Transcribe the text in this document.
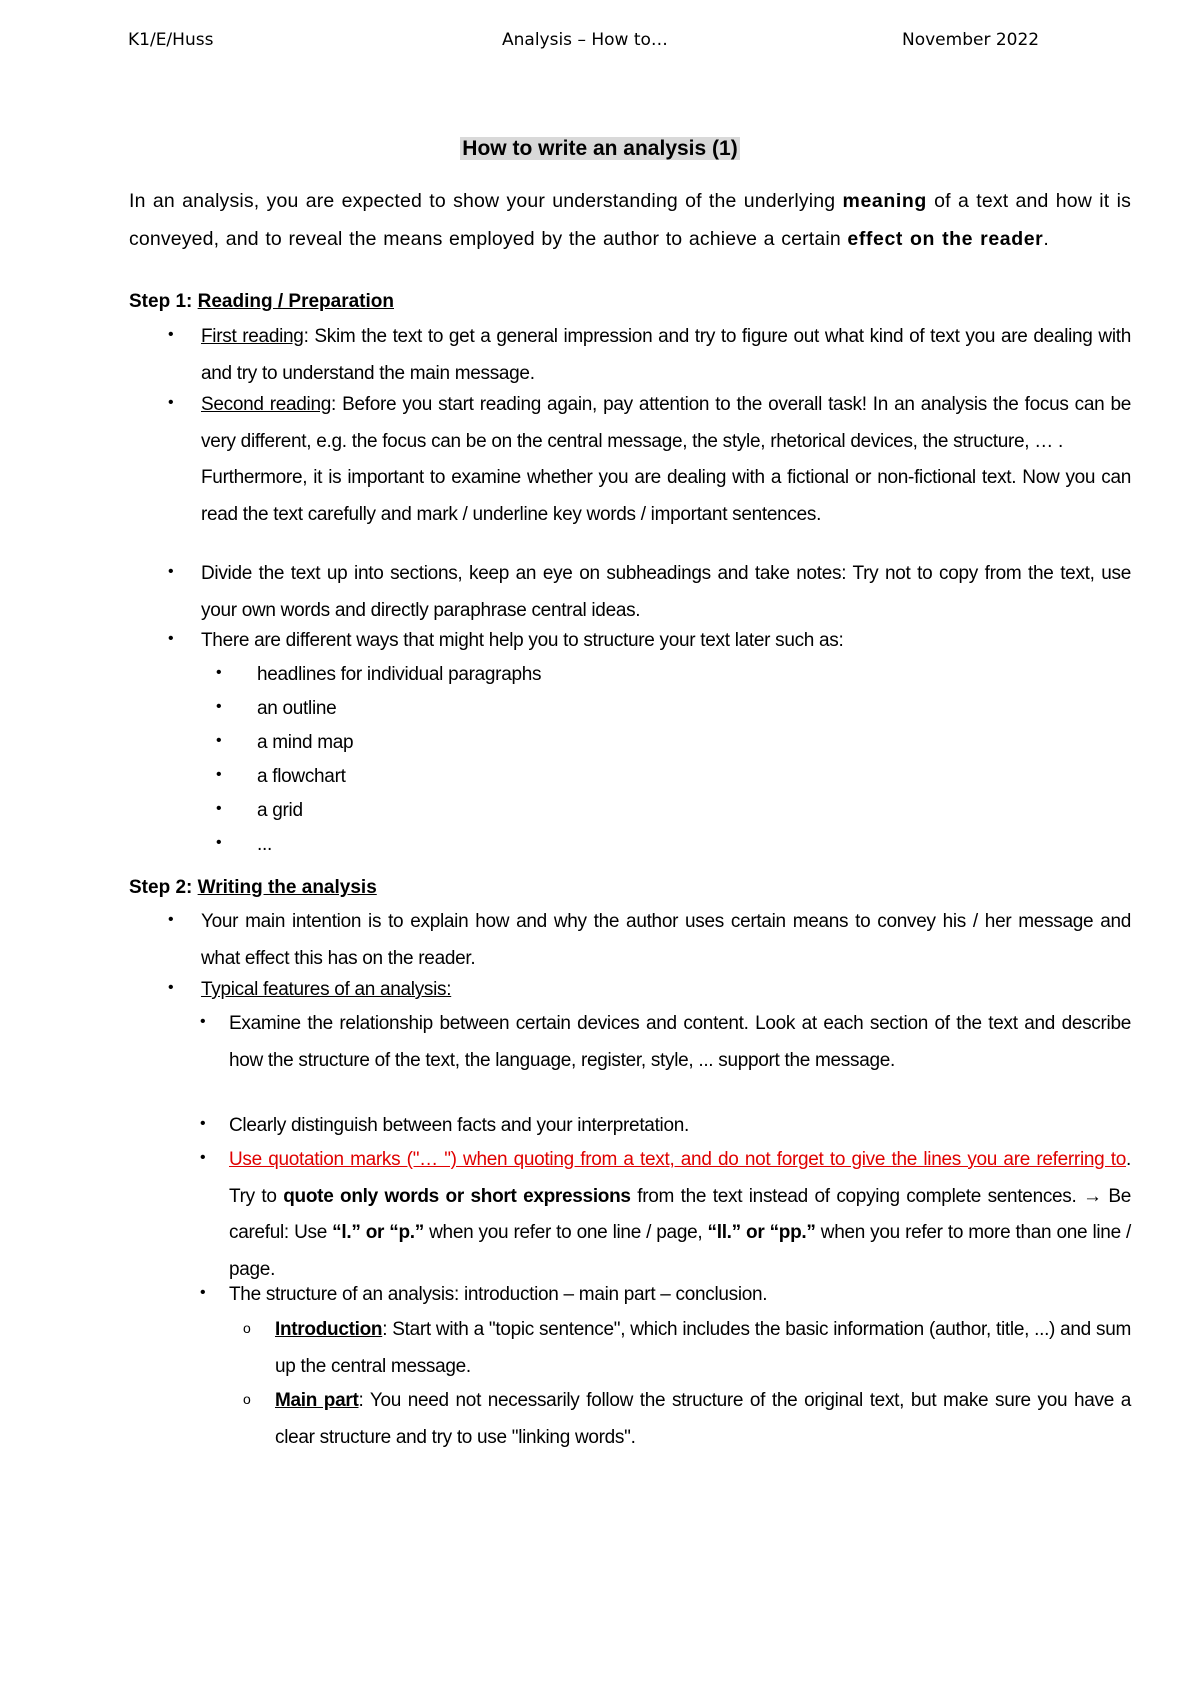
K1/E/Huss	Analysis – How to…	November 2022
How to write an analysis (1)
In an analysis, you are expected to show your understanding of the underlying meaning of a text and how it is conveyed, and to reveal the means employed by the author to achieve a certain effect on the reader.
Step 1: Reading / Preparation
• First reading: Skim the text to get a general impression and try to figure out what kind of text you are dealing with and try to understand the main message.
• Second reading: Before you start reading again, pay attention to the overall task! In an analysis the focus can be very different, e.g. the focus can be on the central message, the style, rhetorical devices, the structure, … .
Furthermore, it is important to examine whether you are dealing with a fictional or non-fictional text. Now you can read the text carefully and mark / underline key words / important sentences.
• Divide the text up into sections, keep an eye on subheadings and take notes: Try not to copy from the text, use your own words and directly paraphrase central ideas.
• There are different ways that might help you to structure your text later such as:
• headlines for individual paragraphs
• an outline
• a mind map
• a flowchart
• a grid
• ...
Step 2: Writing the analysis
• Your main intention is to explain how and why the author uses certain means to convey his / her message and what effect this has on the reader.
• Typical features of an analysis:
• Examine the relationship between certain devices and content. Look at each section of the text and describe how the structure of the text, the language, register, style, ... support the message.
• Clearly distinguish between facts and your interpretation.
• Use quotation marks ("… ") when quoting from a text, and do not forget to give the lines you are referring to. Try to quote only words or short expressions from the text instead of copying complete sentences. → Be careful: Use “l.” or “p.” when you refer to one line / page, “ll.” or “pp.” when you refer to more than one line / page.
• The structure of an analysis: introduction – main part – conclusion.
o Introduction: Start with a "topic sentence", which includes the basic information (author, title, ...) and sum up the central message.
o Main part: You need not necessarily follow the structure of the original text, but make sure you have a clear structure and try to use "linking words".
